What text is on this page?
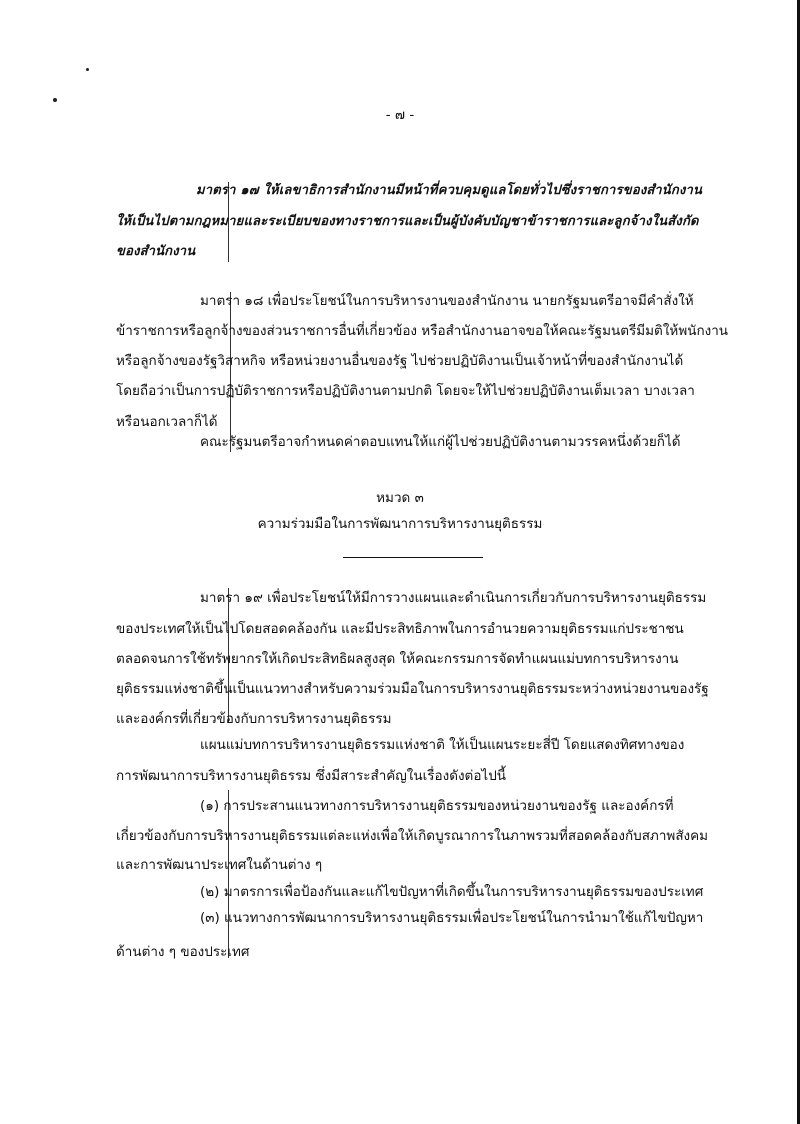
- ๗ -
มาตรา ๑๗ ให้เลขาธิการสำนักงานมีหน้าที่ควบคุมดูแลโดยทั่วไปซึ่งราชการของสำนักงาน
ให้เป็นไปตามกฎหมายและระเบียบของทางราชการและเป็นผู้บังคับบัญชาข้าราชการและลูกจ้างในสังกัด
ของสำนักงาน
มาตรา ๑๘ เพื่อประโยชน์ในการบริหารงานของสำนักงาน นายกรัฐมนตรีอาจมีคำสั่งให้
ข้าราชการหรือลูกจ้างของส่วนราชการอื่นที่เกี่ยวข้อง หรือสำนักงานอาจขอให้คณะรัฐมนตรีมีมติให้พนักงาน
หรือลูกจ้างของรัฐวิสาหกิจ หรือหน่วยงานอื่นของรัฐ ไปช่วยปฏิบัติงานเป็นเจ้าหน้าที่ของสำนักงานได้
โดยถือว่าเป็นการปฏิบัติราชการหรือปฏิบัติงานตามปกติ โดยจะให้ไปช่วยปฏิบัติงานเต็มเวลา บางเวลา
หรือนอกเวลาก็ได้
คณะรัฐมนตรีอาจกำหนดค่าตอบแทนให้แก่ผู้ไปช่วยปฏิบัติงานตามวรรคหนึ่งด้วยก็ได้
หมวด ๓
ความร่วมมือในการพัฒนาการบริหารงานยุติธรรม
มาตรา ๑๙ เพื่อประโยชน์ให้มีการวางแผนและดำเนินการเกี่ยวกับการบริหารงานยุติธรรม
ของประเทศให้เป็นไปโดยสอดคล้องกัน และมีประสิทธิภาพในการอำนวยความยุติธรรมแก่ประชาชน
ตลอดจนการใช้ทรัพยากรให้เกิดประสิทธิผลสูงสุด ให้คณะกรรมการจัดทำแผนแม่บทการบริหารงาน
ยุติธรรมแห่งชาติขึ้นเป็นแนวทางสำหรับความร่วมมือในการบริหารงานยุติธรรมระหว่างหน่วยงานของรัฐ
และองค์กรที่เกี่ยวข้องกับการบริหารงานยุติธรรม
แผนแม่บทการบริหารงานยุติธรรมแห่งชาติ ให้เป็นแผนระยะสี่ปี โดยแสดงทิศทางของ
การพัฒนาการบริหารงานยุติธรรม ซึ่งมีสาระสำคัญในเรื่องดังต่อไปนี้
(๑) การประสานแนวทางการบริหารงานยุติธรรมของหน่วยงานของรัฐ และองค์กรที่
เกี่ยวข้องกับการบริหารงานยุติธรรมแต่ละแห่งเพื่อให้เกิดบูรณาการในภาพรวมที่สอดคล้องกับสภาพสังคม
และการพัฒนาประเทศในด้านต่าง ๆ
(๒) มาตรการเพื่อป้องกันและแก้ไขปัญหาที่เกิดขึ้นในการบริหารงานยุติธรรมของประเทศ
(๓) แนวทางการพัฒนาการบริหารงานยุติธรรมเพื่อประโยชน์ในการนำมาใช้แก้ไขปัญหา
ด้านต่าง ๆ ของประเทศ
